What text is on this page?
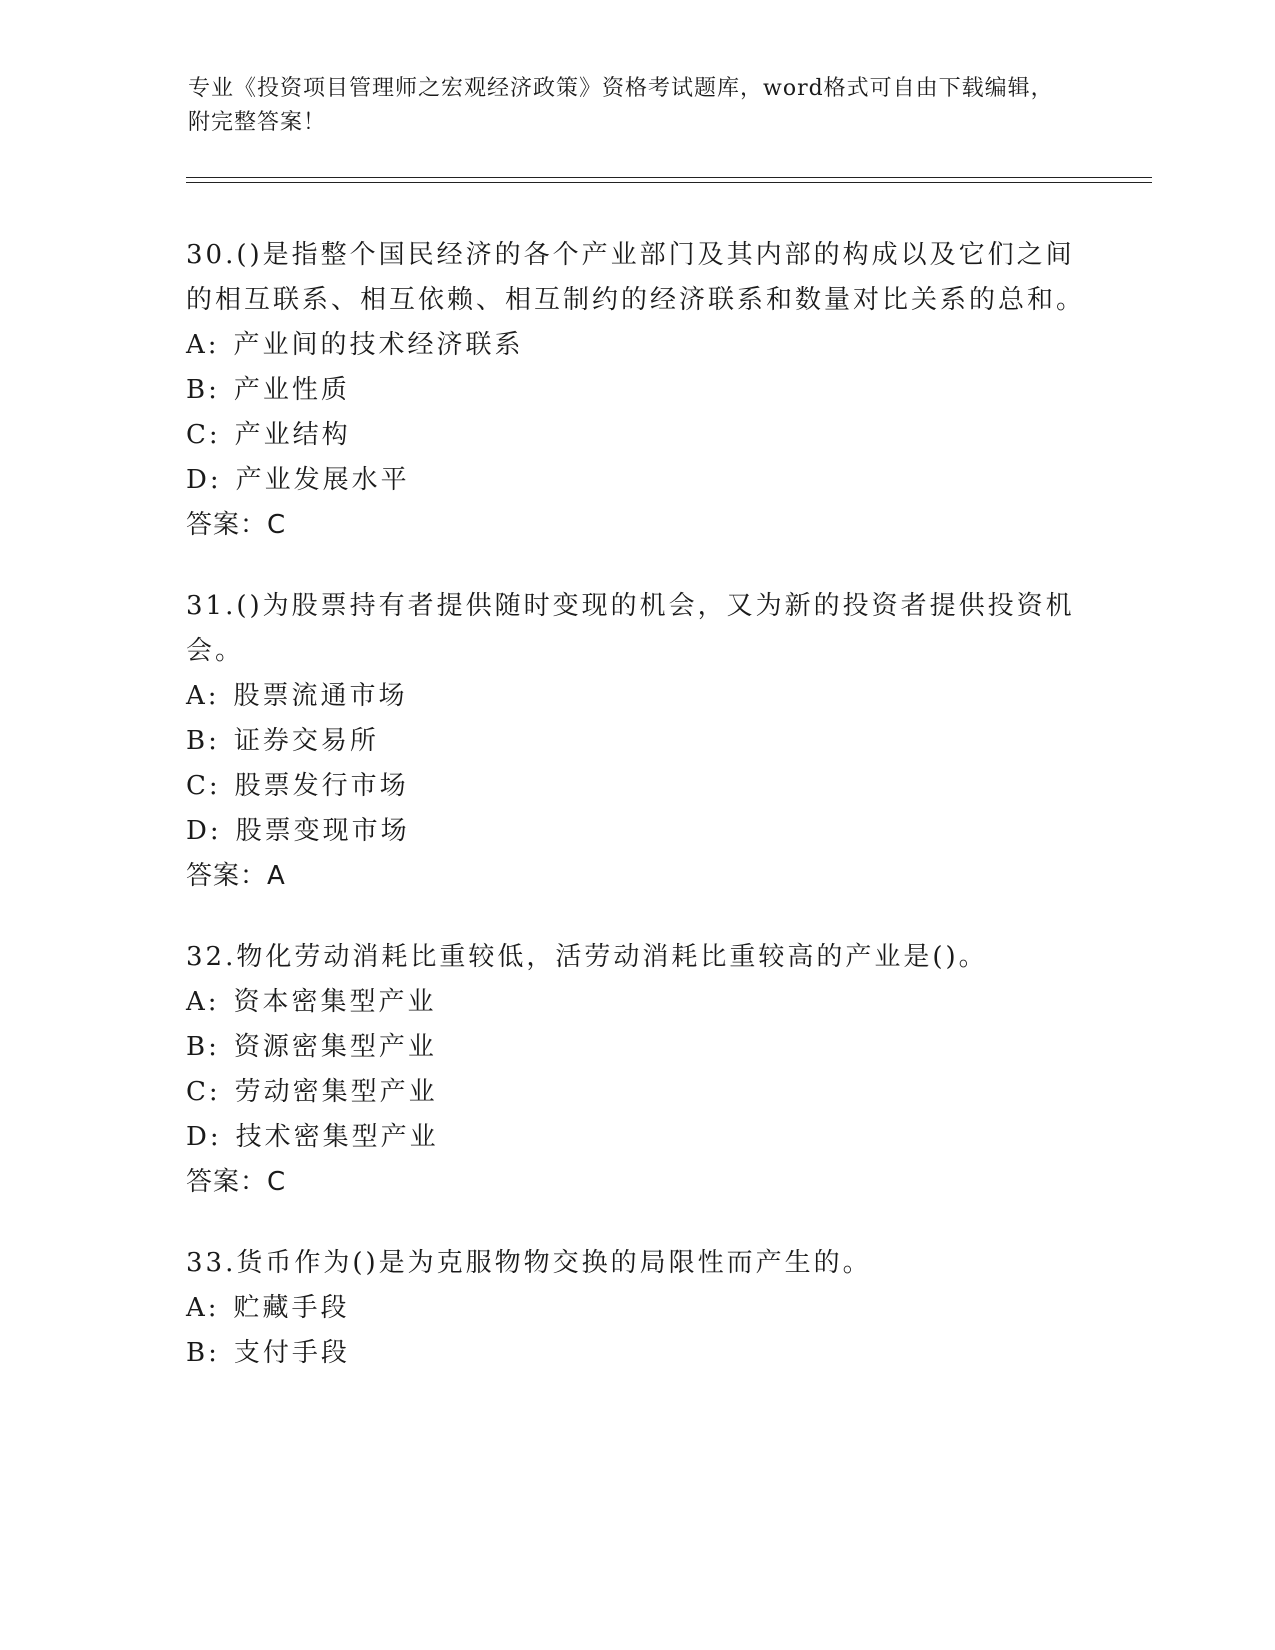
专业《投资项目管理师之宏观经济政策》资格考试题库，word格式可自由下载编辑，附完整答案！
30.()是指整个国民经济的各个产业部门及其内部的构成以及它们之间的相互联系、相互依赖、相互制约的经济联系和数量对比关系的总和。
A: 产业间的技术经济联系
B: 产业性质
C: 产业结构
D: 产业发展水平
答案：C
31.()为股票持有者提供随时变现的机会，又为新的投资者提供投资机会。
A: 股票流通市场
B: 证券交易所
C: 股票发行市场
D: 股票变现市场
答案：A
32.物化劳动消耗比重较低，活劳动消耗比重较高的产业是()。
A: 资本密集型产业
B: 资源密集型产业
C: 劳动密集型产业
D: 技术密集型产业
答案：C
33.货币作为()是为克服物物交换的局限性而产生的。
A: 贮藏手段
B: 支付手段
